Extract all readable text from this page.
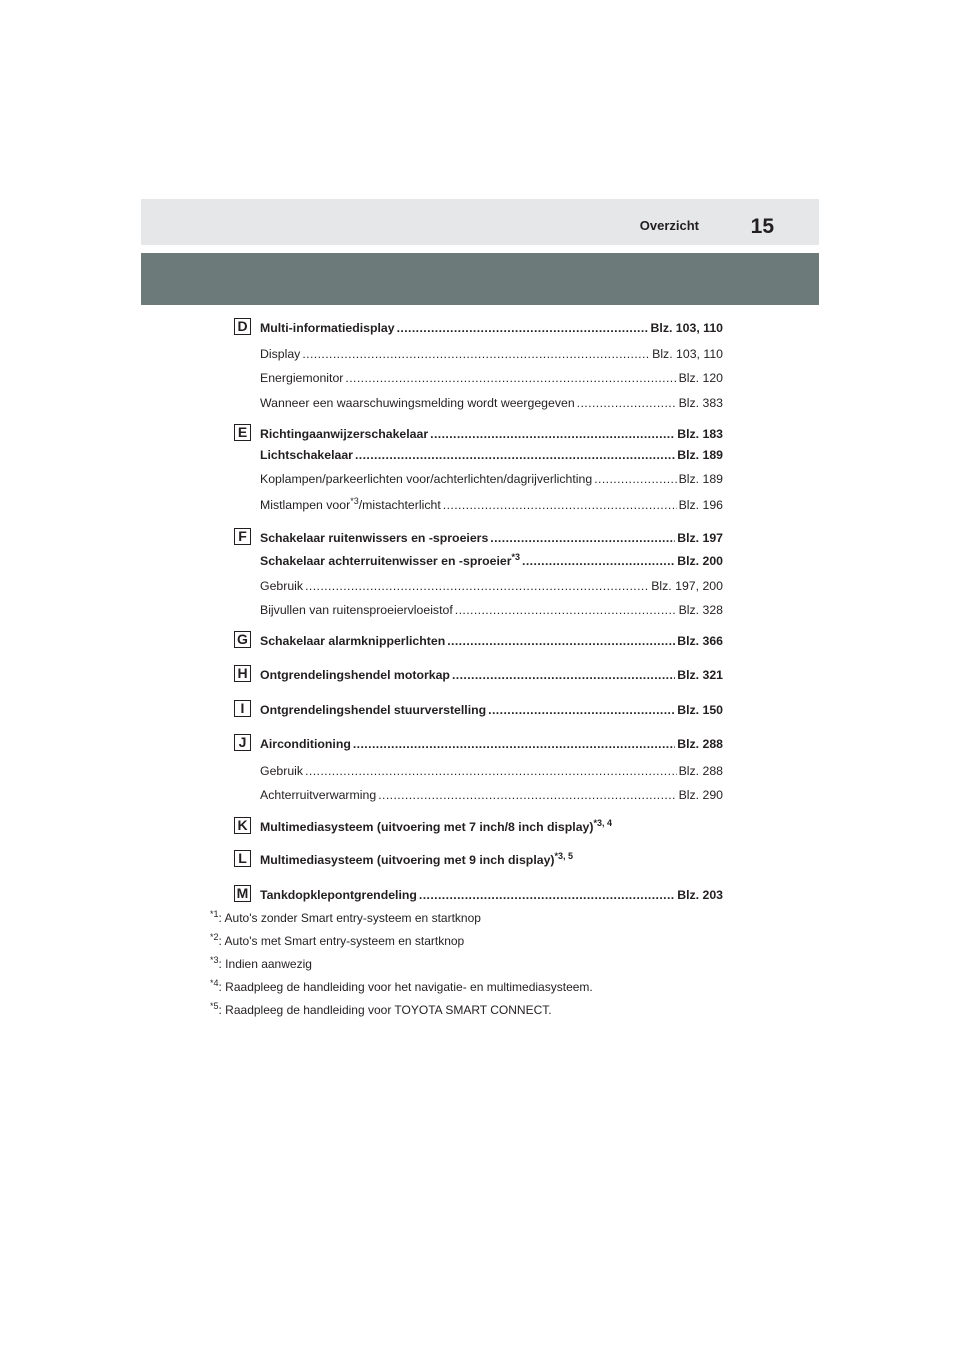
Overzicht 15
D Multi-informatiedisplay .....	Blz. 103, 110
Display .....	Blz. 103, 110
Energiemonitor .....	Blz. 120
Wanneer een waarschuwingsmelding wordt weergegeven .....	Blz. 383
E	Richtingaanwijzerschakelaar .....	Blz. 183
Lichtschakelaar .....	Blz. 189
Koplampen/parkeerlichten voor/achterlichten/dagrijverlichting .....	Blz. 189
Mistlampen voor$^{*3}$/mistachterlicht .....	Blz. 196
F	Schakelaar ruitenwissers en -sproeiers .....	Blz. 197
Schakelaar achterruitenwisser en -sproeier$^{*3}$ .....	Blz. 200
Gebruik .....	Blz. 197, 200
Bijvullen van ruitensproeiervloeistof .....	Blz. 328
G Schakelaar alarmknipperlichten .....	Blz. 366
H Ontgrendelingshendel motorkap .....	Blz. 321
I	Ontgrendelingshendel stuurverstelling .....	Blz. 150
J	Airconditioning .....	Blz. 288
Gebruik .....	Blz. 288
Achterruitverwarming .....	Blz. 290
K Multimediasysteem (uitvoering met 7 inch/8 inch display)$^{*3, 4}$
L	Multimediasysteem (uitvoering met 9 inch display)$^{*3, 5}$
M Tankdopklepontgrendeling .....	Blz. 203
$^{*1}$: Auto's zonder Smart entry-systeem en startknop
$^{*2}$: Auto's met Smart entry-systeem en startknop
$^{*3}$: Indien aanwezig
$^{*4}$: Raadpleeg de handleiding voor het navigatie- en multimediasysteem.
$^{*5}$: Raadpleeg de handleiding voor TOYOTA SMART CONNECT.
